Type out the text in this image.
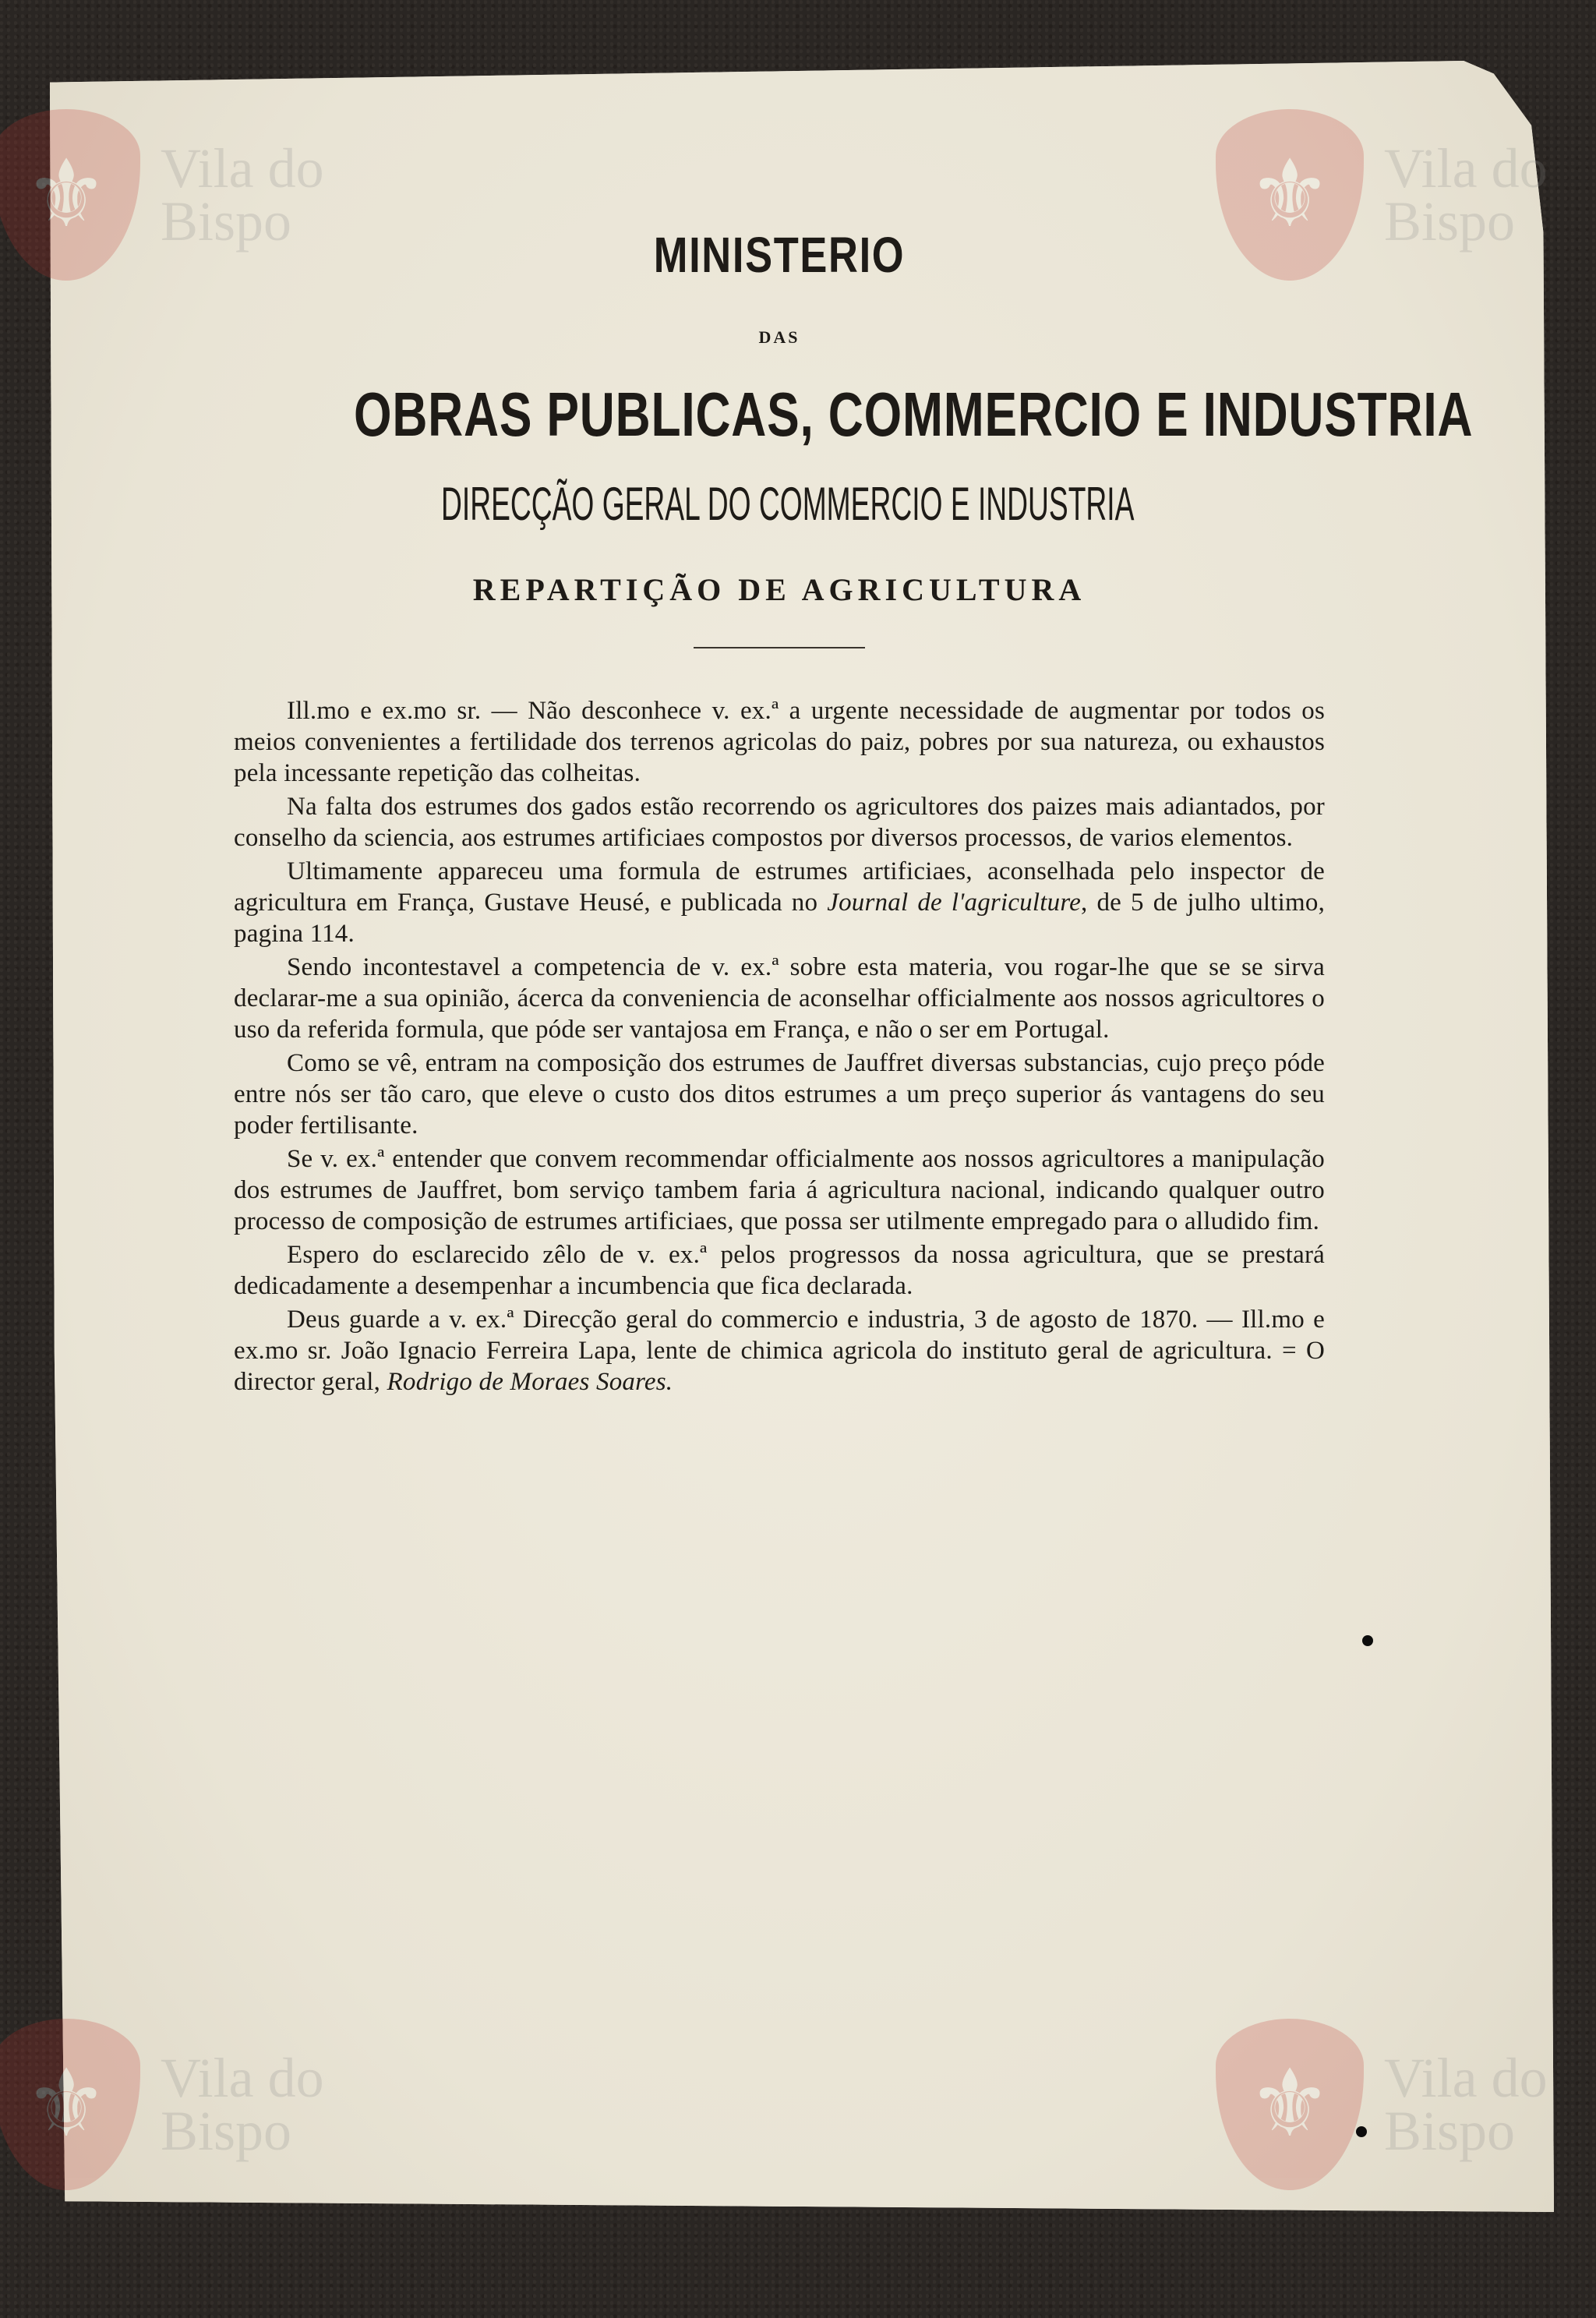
⚜ Vila do
Bispo	⚜ Vila do
Bispo
⚜ Vila do
Bispo	⚜ Vila do
Bispo
MINISTERIO
DAS
OBRAS PUBLICAS, COMMERCIO E INDUSTRIA
DIRECÇÃO GERAL DO COMMERCIO E INDUSTRIA
REPARTIÇÃO DE AGRICULTURA

Ill.mo e ex.mo sr. — Não desconhece v. ex.ª a urgente necessidade de augmentar por todos os meios convenientes a fertilidade dos terrenos agricolas do paiz, pobres por sua natureza, ou exhaustos pela incessante repetição das colheitas.

Na falta dos estrumes dos gados estão recorrendo os agricultores dos paizes mais adiantados, por conselho da sciencia, aos estrumes artificiaes compostos por diversos processos, de varios elementos.

Ultimamente appareceu uma formula de estrumes artificiaes, aconselhada pelo inspector de agricultura em França, Gustave Heusé, e publicada no Journal de l'agriculture, de 5 de julho ultimo, pagina 114.

Sendo incontestavel a competencia de v. ex.ª sobre esta materia, vou rogar-lhe que se se sirva declarar-me a sua opinião, ácerca da conveniencia de aconselhar officialmente aos nossos agricultores o uso da referida formula, que póde ser vantajosa em França, e não o ser em Portugal.

Como se vê, entram na composição dos estrumes de Jauffret diversas substancias, cujo preço póde entre nós ser tão caro, que eleve o custo dos ditos estrumes a um preço superior ás vantagens do seu poder fertilisante.

Se v. ex.ª entender que convem recommendar officialmente aos nossos agricultores a manipulação dos estrumes de Jauffret, bom serviço tambem faria á agricultura nacional, indicando qualquer outro processo de composição de estrumes artificiaes, que possa ser utilmente empregado para o alludido fim.

Espero do esclarecido zêlo de v. ex.ª pelos progressos da nossa agricultura, que se prestará dedicadamente a desempenhar a incumbencia que fica declarada.

Deus guarde a v. ex.ª Direcção geral do commercio e industria, 3 de agosto de 1870. — Ill.mo e ex.mo sr. João Ignacio Ferreira Lapa, lente de chimica agricola do instituto geral de agricultura. = O director geral, Rodrigo de Moraes Soares.
